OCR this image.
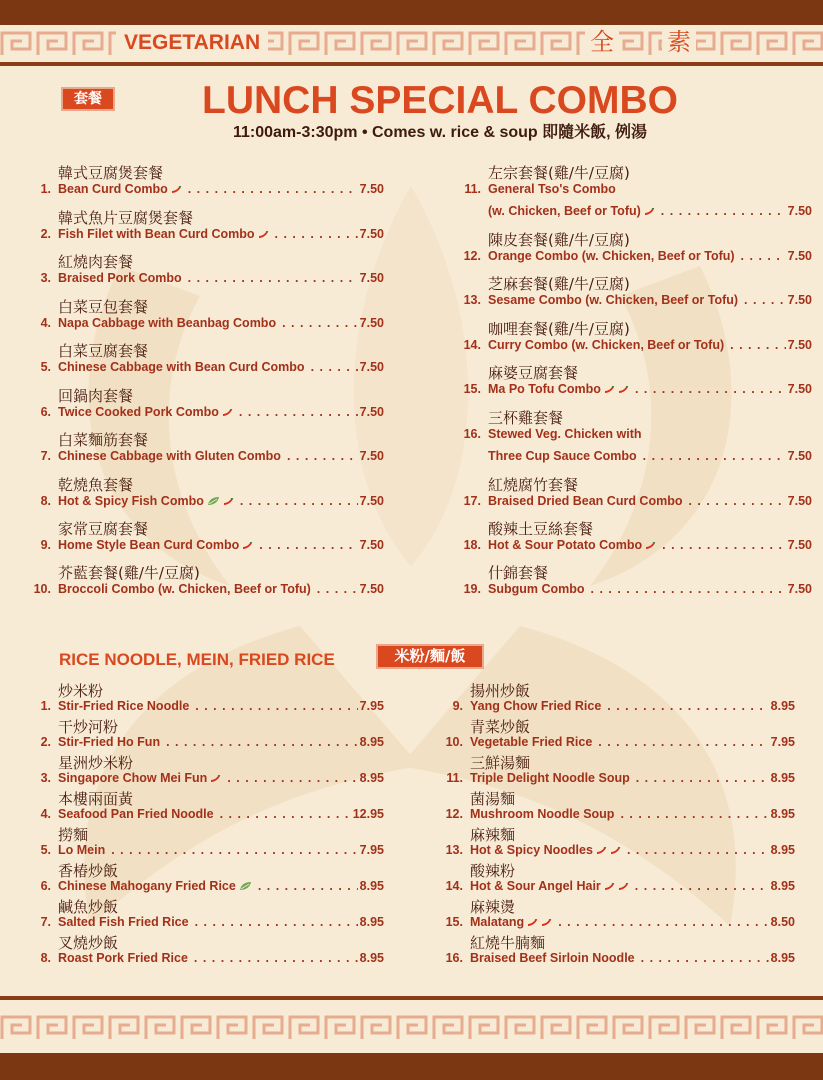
VEGETARIAN	全 素
套餐	LUNCH SPECIAL COMBO
11:00am-3:30pm • Comes w. rice & soup 即隨米飯, 例湯
韓式豆腐煲套餐
1. Bean Curd Combo . . .	7.50
韓式魚片豆腐煲套餐
2. Fish Filet with Bean Curd Combo . . .	7.50
紅燒肉套餐
3. Braised Pork Combo . . .	7.50
白菜豆包套餐
4. Napa Cabbage with Beanbag Combo . . .	7.50
白菜豆腐套餐
5. Chinese Cabbage with Bean Curd Combo . . .	7.50
回鍋肉套餐
6. Twice Cooked Pork Combo . . .	7.50
白菜麵筋套餐
7. Chinese Cabbage with Gluten Combo . . .	7.50
乾燒魚套餐
8. Hot & Spicy Fish Combo . . .	7.50
家常豆腐套餐
9. Home Style Bean Curd Combo . . .	7.50
芥藍套餐(雞/牛/豆腐)
10. Broccoli Combo (w. Chicken, Beef or Tofu) . . .	7.50
左宗套餐(雞/牛/豆腐)
11. General Tso's Combo
(w. Chicken, Beef or Tofu) . . .	7.50
陳皮套餐(雞/牛/豆腐)
12. Orange Combo (w. Chicken, Beef or Tofu) . . .	7.50
芝麻套餐(雞/牛/豆腐)
13. Sesame Combo (w. Chicken, Beef or Tofu) . . .	7.50
咖哩套餐(雞/牛/豆腐)
14. Curry Combo (w. Chicken, Beef or Tofu) . . .	7.50
麻婆豆腐套餐
15. Ma Po Tofu Combo . . .	7.50
三杯雞套餐
16. Stewed Veg. Chicken with
Three Cup Sauce Combo . . .	7.50
紅燒腐竹套餐
17. Braised Dried Bean Curd Combo . . .	7.50
酸辣土豆絲套餐
18. Hot & Sour Potato Combo . . .	7.50
什錦套餐
19. Subgum Combo . . .	7.50
RICE NOODLE, MEIN, FRIED RICE	米粉/麵/飯
炒米粉
1. Stir-Fried Rice Noodle . . .	7.95
干炒河粉
2. Stir-Fried Ho Fun . . .	8.95
星洲炒米粉
3. Singapore Chow Mei Fun . . .	8.95
本樓兩面黃
4. Seafood Pan Fried Noodle . . .	12.95
撈麵
5. Lo Mein . . .	7.95
香椿炒飯
6. Chinese Mahogany Fried Rice . . .	8.95
鹹魚炒飯
7. Salted Fish Fried Rice . . .	8.95
叉燒炒飯
8. Roast Pork Fried Rice . . .	8.95
揚州炒飯
9. Yang Chow Fried Rice . . .	8.95
青菜炒飯
10. Vegetable Fried Rice . . .	7.95
三鮮湯麵
11. Triple Delight Noodle Soup . . .	8.95
菌湯麵
12. Mushroom Noodle Soup . . .	8.95
麻辣麵
13. Hot & Spicy Noodles . . .	8.95
酸辣粉
14. Hot & Sour Angel Hair . . .	8.95
麻辣燙
15. Malatang . . .	8.50
紅燒牛腩麵
16. Braised Beef Sirloin Noodle . . .	8.95
